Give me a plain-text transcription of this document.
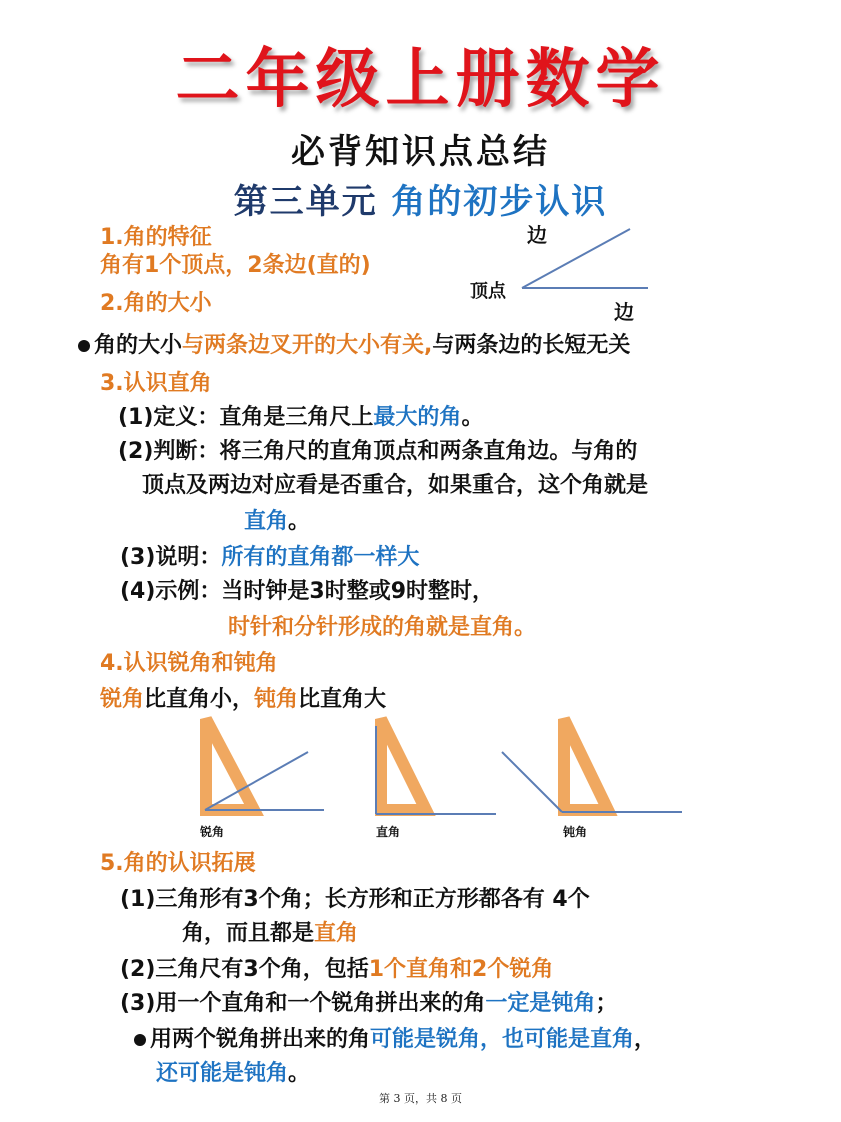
二年级上册数学
必背知识点总结
第三单元 角的初步认识
1.角的特征
角有1个顶点，2条边(直的)
边
顶点
边
2.角的大小
角的大小与两条边叉开的大小有关,与两条边的长短无关
3.认识直角
(1)定义：直角是三角尺上最大的角。
(2)判断：将三角尺的直角顶点和两条直角边。与角的
顶点及两边对应看是否重合，如果重合，这个角就是
直角。
(3)说明：所有的直角都一样大
(4)示例：当时钟是3时整或9时整时，
时针和分针形成的角就是直角。
4.认识锐角和钝角
锐角比直角小，钝角比直角大
锐角	直角	钝角
5.角的认识拓展
(1)三角形有3个角；长方形和正方形都各有 4个
角，而且都是直角
(2)三角尺有3个角，包括1个直角和2个锐角
(3)用一个直角和一个锐角拼出来的角一定是钝角；
用两个锐角拼出来的角可能是锐角，也可能是直角，
还可能是钝角。
第 3 页，共 8 页
